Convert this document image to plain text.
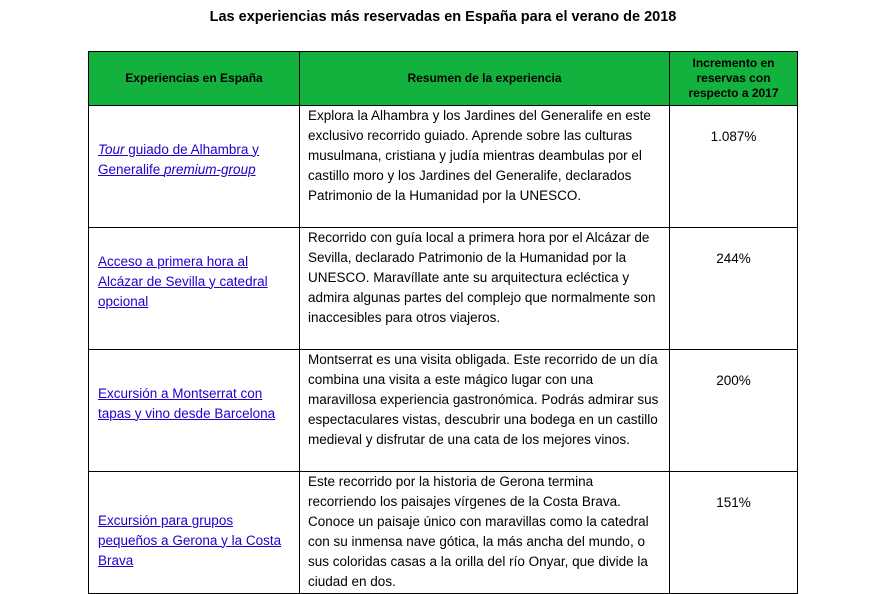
Las experiencias más reservadas en España para el verano de 2018
Experiencias en España	Resumen de la experiencia	Incremento en reservas con respecto a 2017

Tour guiado de Alhambra y Generalife premium-group	Explora la Alhambra y los Jardines del Generalife en este exclusivo recorrido guiado. Aprende sobre las culturas musulmana, cristiana y judía mientras deambulas por el castillo moro y los Jardines del Generalife, declarados Patrimonio de la Humanidad por la UNESCO.	1.087%
Acceso a primera hora al Alcázar de Sevilla y catedral opcional	Recorrido con guía local a primera hora por el Alcázar de Sevilla, declarado Patrimonio de la Humanidad por la UNESCO. Maravíllate ante su arquitectura ecléctica y admira algunas partes del complejo que normalmente son inaccesibles para otros viajeros.	244%
Excursión a Montserrat con tapas y vino desde Barcelona	Montserrat es una visita obligada. Este recorrido de un día combina una visita a este mágico lugar con una maravillosa experiencia gastronómica. Podrás admirar sus espectaculares vistas, descubrir una bodega en un castillo medieval y disfrutar de una cata de los mejores vinos.	200%
Excursión para grupos pequeños a Gerona y la Costa Brava	Este recorrido por la historia de Gerona termina recorriendo los paisajes vírgenes de la Costa Brava. Conoce un paisaje único con maravillas como la catedral con su inmensa nave gótica, la más ancha del mundo, o sus coloridas casas a la orilla del río Onyar, que divide la ciudad en dos.	151%
